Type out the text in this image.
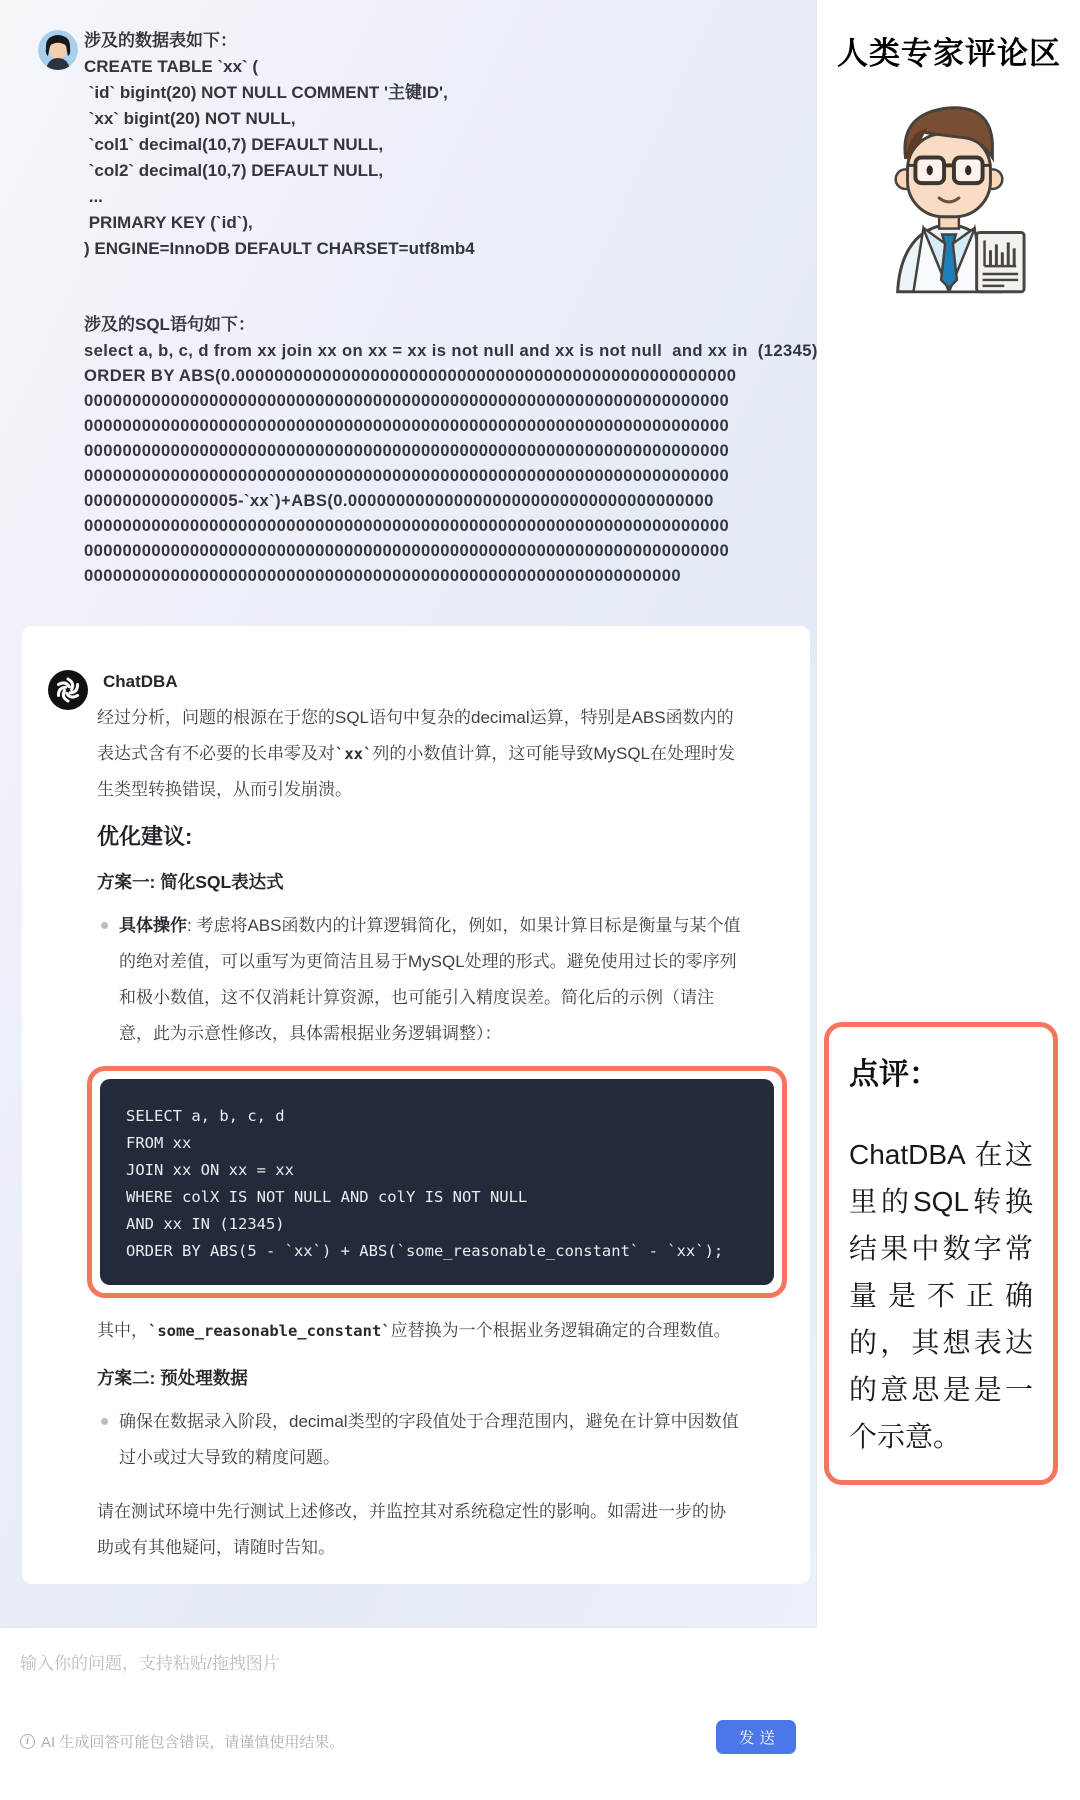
涉及的数据表如下：
CREATE TABLE `xx` (
`id` bigint(20) NOT NULL COMMENT '主键ID',
`xx` bigint(20) NOT NULL,
`col1` decimal(10,7) DEFAULT NULL,
`col2` decimal(10,7) DEFAULT NULL,
...
PRIMARY KEY (`id`),
) ENGINE=InnoDB DEFAULT CHARSET=utf8mb4
涉及的SQL语句如下：
select a, b, c, d from xx join xx on xx = xx is not null and xx is not null  and xx in  (12345)
ORDER BY ABS(0.0000000000000000000000000000000000000000000000000000
0000000000000000000000000000000000000000000000000000000000000000000
0000000000000000000000000000000000000000000000000000000000000000000
0000000000000000000000000000000000000000000000000000000000000000000
0000000000000000000000000000000000000000000000000000000000000000000
0000000000000005-`xx`)+ABS(0.00000000000000000000000000000000000000
0000000000000000000000000000000000000000000000000000000000000000000
0000000000000000000000000000000000000000000000000000000000000000000
00000000000000000000000000000000000000000000000000000000000000
ChatDBA
经过分析，问题的根源在于您的SQL语句中复杂的decimal运算，特别是ABS函数内的表达式含有不必要的长串零及对`xx`列的小数值计算，这可能导致MySQL在处理时发生类型转换错误，从而引发崩溃。
优化建议:
方案一: 简化SQL表达式
具体操作: 考虑将ABS函数内的计算逻辑简化，例如，如果计算目标是衡量与某个值的绝对差值，可以重写为更简洁且易于MySQL处理的形式。避免使用过长的零序列和极小数值，这不仅消耗计算资源，也可能引入精度误差。简化后的示例（请注意，此为示意性修改，具体需根据业务逻辑调整）：
SELECT a, b, c, d
FROM xx
JOIN xx ON xx = xx
WHERE colX IS NOT NULL AND colY IS NOT NULL
AND xx IN (12345)
ORDER BY ABS(5 - `xx`) + ABS(`some_reasonable_constant` - `xx`);
其中，`some_reasonable_constant`应替换为一个根据业务逻辑确定的合理数值。
方案二: 预处理数据
确保在数据录入阶段，decimal类型的字段值处于合理范围内，避免在计算中因数值过小或过大导致的精度问题。
请在测试环境中先行测试上述修改，并监控其对系统稳定性的影响。如需进一步的协助或有其他疑问，请随时告知。
人类专家评论区
点评：
ChatDBA 在这里的SQL转换结果中数字常量是不正确的，其想表达的意思是是一个示意。
输入你的问题，支持粘贴/拖拽图片
i AI 生成回答可能包含错误，请谨慎使用结果。	发送
